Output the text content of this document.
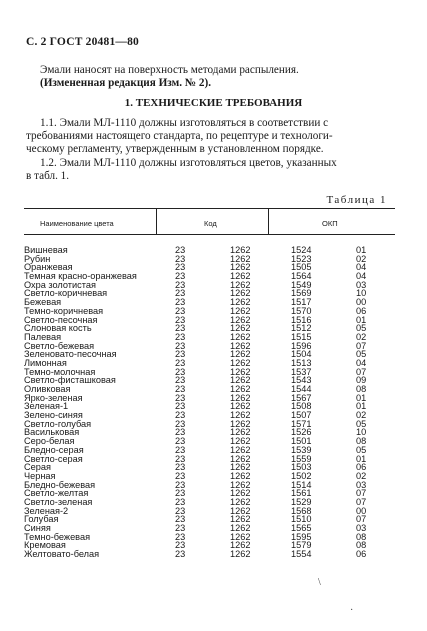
С. 2 ГОСТ 20481—80
Эмали наносят на поверхность методами распыления.
(Измененная редакция Изм. № 2).
1. ТЕХНИЧЕСКИЕ ТРЕБОВАНИЯ
1.1. Эмали МЛ-1110 должны изготовляться в соответствии с
требованиями настоящего стандарта, по рецептуре и технологи-
ческому регламенту, утвержденным в установленном порядке.
1.2. Эмали МЛ-1110 должны изготовляться цветов, указанных
в табл. 1.
Таблица 1
Наименование цвета	Код	ОКП
Вишневая	23	1262	1524	01
Рубин	23	1262	1523	02
Оранжевая	23	1262	1505	04
Темная красно-оранжевая	23	1262	1564	04
Охра золотистая	23	1262	1549	03
Светло-коричневая	23	1262	1569	10
Бежевая	23	1262	1517	00
Темно-коричневая	23	1262	1570	06
Светло-песочная	23	1262	1516	01
Слоновая кость	23	1262	1512	05
Палевая	23	1262	1515	02
Светло-бежевая	23	1262	1596	07
Зеленовато-песочная	23	1262	1504	05
Лимонная	23	1262	1513	04
Темно-молочная	23	1262	1537	07
Светло-фисташковая	23	1262	1543	09
Оливковая	23	1262	1544	08
Ярко-зеленая	23	1262	1567	01
Зеленая-1	23	1262	1508	01
Зелено-синяя	23	1262	1507	02
Светло-голубая	23	1262	1571	05
Васильковая	23	1262	1526	10
Серо-белая	23	1262	1501	08
Бледно-серая	23	1262	1539	05
Светло-серая	23	1262	1559	01
Серая	23	1262	1503	06
Черная	23	1262	1502	02
Бледно-бежевая	23	1262	1514	03
Светло-желтая	23	1262	1561	07
Светло-зеленая	23	1262	1529	07
Зеленая-2	23	1262	1568	00
Голубая	23	1262	1510	07
Синяя	23	1262	1565	03
Темно-бежевая	23	1262	1595	08
Кремовая	23	1262	1579	08
Желтовато-белая	23	1262	1554	06
\
·
